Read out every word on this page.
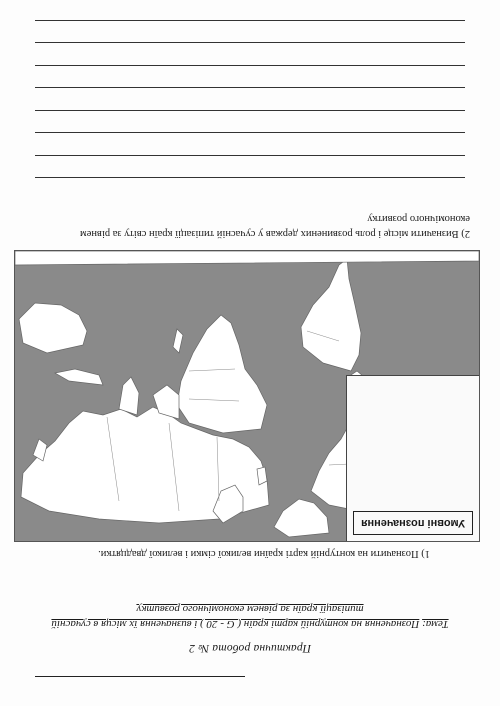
Практична робота № 2
Тема: Позначення на контурній карті країн ( G - 20 ) і визначення їх місця в сучасній типізації країн за рівнем економічного розвитку
1) Позначити на контурній карті країни великої сімки і великої двадцятки.
Умовні позначення
2) Визначити місце і роль розвинених держав у сучасній типізації країн світу за рівнем економічного розвитку
